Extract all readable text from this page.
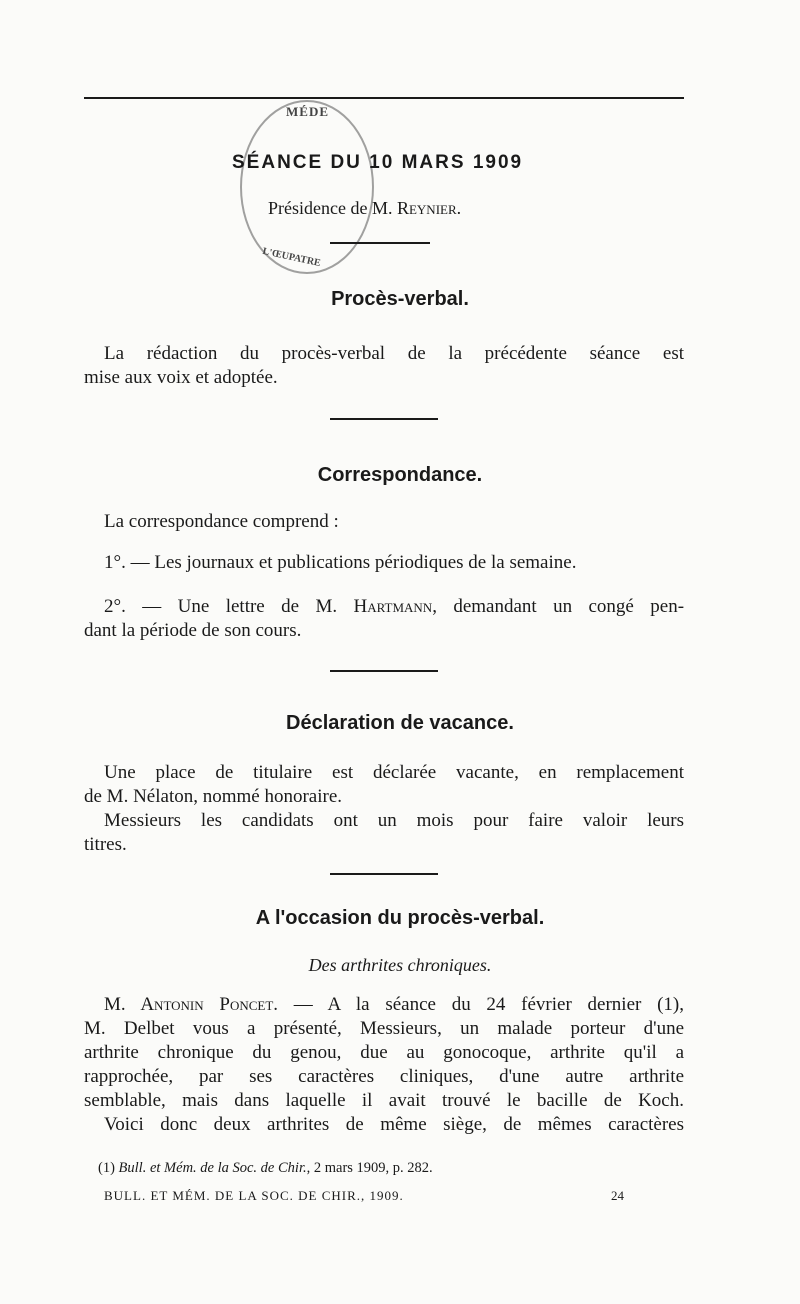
MÉDE
L'ŒUPATRE
SÉANCE DU 10 MARS 1909
Présidence de M. Reynier.
Procès-verbal.
La rédaction du procès-verbal de la précédente séance est
mise aux voix et adoptée.
Correspondance.
La correspondance comprend :
1°. — Les journaux et publications périodiques de la semaine.
2°. — Une lettre de M. Hartmann, demandant un congé pen-
dant la période de son cours.
Déclaration de vacance.
Une place de titulaire est déclarée vacante, en remplacement
de M. Nélaton, nommé honoraire.
Messieurs les candidats ont un mois pour faire valoir leurs
titres.
A l'occasion du procès-verbal.
Des arthrites chroniques.
M. Antonin Poncet. — A la séance du 24 février dernier (1),
M. Delbet vous a présenté, Messieurs, un malade porteur d'une
arthrite chronique du genou, due au gonocoque, arthrite qu'il a
rapprochée, par ses caractères cliniques, d'une autre arthrite
semblable, mais dans laquelle il avait trouvé le bacille de Koch.
Voici donc deux arthrites de même siège, de mêmes caractères
(1) Bull. et Mém. de la Soc. de Chir., 2 mars 1909, p. 282.
BULL. ET MÉM. DE LA SOC. DE CHIR., 1909.	24
